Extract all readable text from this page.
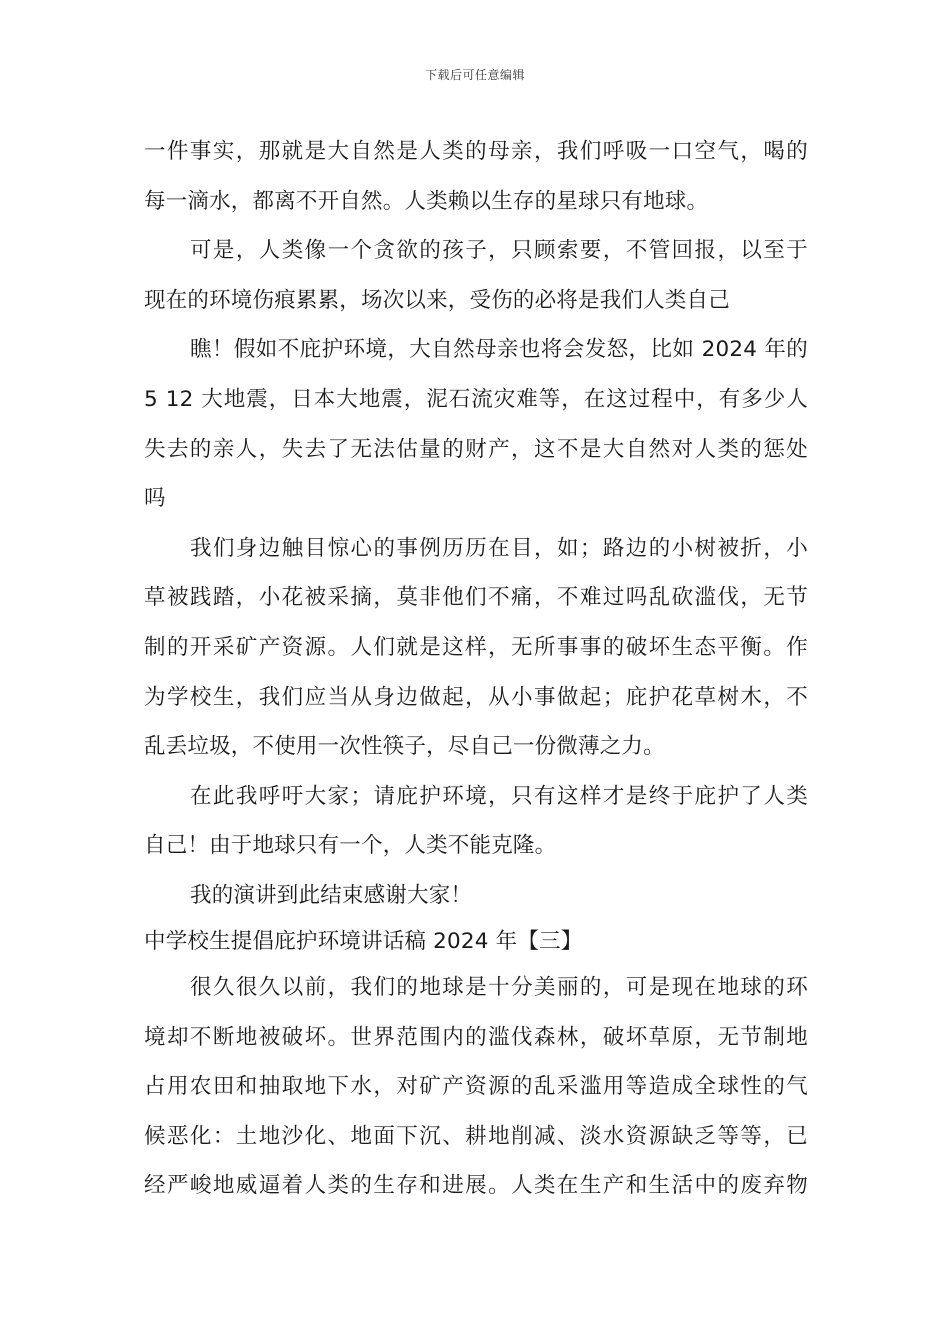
下载后可任意编辑
一件事实，那就是大自然是人类的母亲，我们呼吸一口空气，喝的
每一滴水，都离不开自然。人类赖以生存的星球只有地球。
可是，人类像一个贪欲的孩子，只顾索要，不管回报，以至于
现在的环境伤痕累累，场次以来，受伤的必将是我们人类自己
瞧！假如不庇护环境，大自然母亲也将会发怒，比如 2024 年的
5 12 大地震，日本大地震，泥石流灾难等，在这过程中，有多少人
失去的亲人，失去了无法估量的财产，这不是大自然对人类的惩处
吗
我们身边触目惊心的事例历历在目，如；路边的小树被折，小
草被践踏，小花被采摘，莫非他们不痛，不难过吗乱砍滥伐，无节
制的开采矿产资源。人们就是这样，无所事事的破坏生态平衡。作
为学校生，我们应当从身边做起，从小事做起；庇护花草树木，不
乱丢垃圾，不使用一次性筷子，尽自己一份微薄之力。
在此我呼吁大家；请庇护环境，只有这样才是终于庇护了人类
自己！由于地球只有一个，人类不能克隆。
我的演讲到此结束感谢大家！
中学校生提倡庇护环境讲话稿 2024 年【三】
很久很久以前，我们的地球是十分美丽的，可是现在地球的环
境却不断地被破坏。世界范围内的滥伐森林，破坏草原，无节制地
占用农田和抽取地下水，对矿产资源的乱采滥用等造成全球性的气
候恶化：土地沙化、地面下沉、耕地削减、淡水资源缺乏等等，已
经严峻地威逼着人类的生存和进展。人类在生产和生活中的废弃物
